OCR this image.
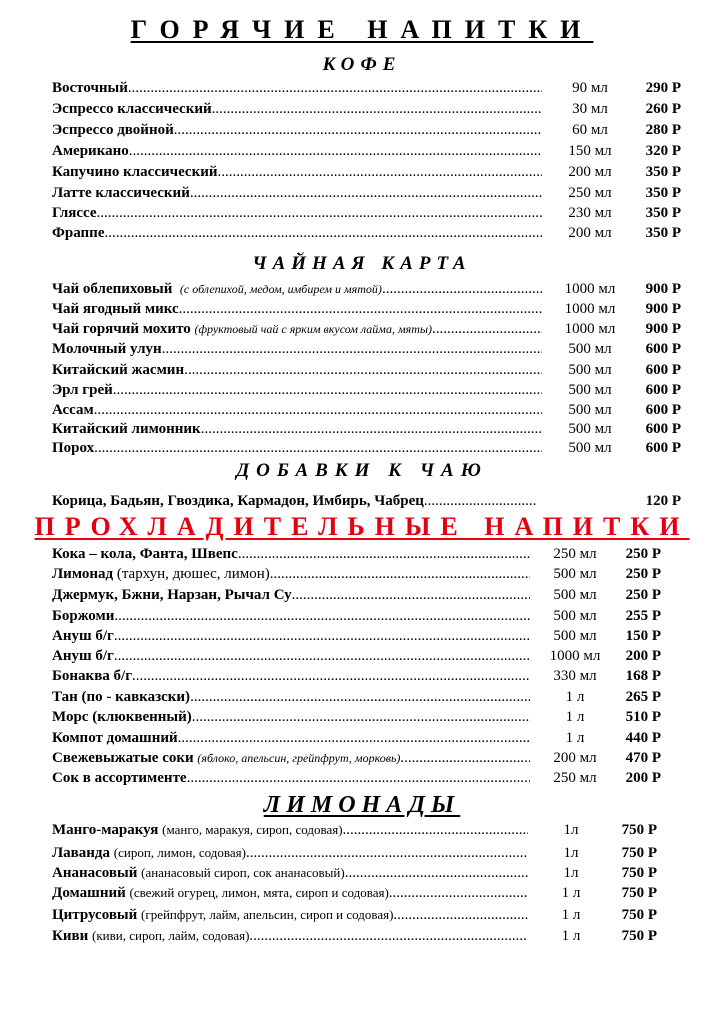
ГОРЯЧИЕ НАПИТКИ
КОФЕ
Восточный .....	90 мл	290 Р
Эспрессо классический .....	30 мл	260 Р
Эспрессо двойной .....	60 мл	280 Р
Американо .....	150 мл	320 Р
Капучино классический .....	200 мл	350 Р
Латте классический .....	250 мл	350 Р
Гляссе .....	230 мл	350 Р
Фраппе .....	200 мл	350 Р
ЧАЙНАЯ КАРТА
Чай облепиховый
(с облепихой, медом, имбирем и мятой) .....	1000 мл	900 Р
Чай ягодный микс .....	1000 мл	900 Р
Чай горячий мохито
(фруктовый чай с ярким вкусом лайма, мяты) .....	1000 мл	900 Р
Молочный улун .....	500 мл	600 Р
Китайский жасмин .....	500 мл	600 Р
Эрл грей .....	500 мл	600 Р
Ассам .....	500 мл	600 Р
Китайский лимонник .....	500 мл	600 Р
Порох .....	500 мл	600 Р
ДОБАВКИ К ЧАЮ
Корица, Бадьян, Гвоздика, Кармадон, Имбирь, Чабрец .....	120 Р
ПРОХЛАДИТЕЛЬНЫЕ НАПИТКИ
Кока – кола, Фанта, Швепс .....	250 мл	250 Р
Лимонад
(тархун, дюшес, лимон) .....	500 мл	250 Р
Джермук, Бжни, Нарзан, Рычал Су .....	500 мл	250 Р
Боржоми .....	500 мл	255 Р
Ануш б/г .....	500 мл	150 Р
Ануш б/г .....	1000 мл	200 Р
Бонаква б/г .....	330 мл	168 Р
Тан (по - кавказски) .....	1 л	265 Р
Морс (клюквенный) .....	1 л	510 Р
Компот домашний .....	1 л	440 Р
Свежевыжатые соки
(яблоко, апельсин, грейпфрут, морковь) .....	200 мл	470 Р
Сок в ассортименте .....	250 мл	200 Р
ЛИМОНАДЫ
Манго-маракуя
(манго, маракуя, сироп, содовая) .....	1л	750 Р
Лаванда
(сироп, лимон, содовая) .....	1л	750 Р
Ананасовый
(ананасовый сироп, сок ананасовый) .....	1л	750 Р
Домашний
(свежий огурец, лимон, мята, сироп и содовая) .....	1 л	750 Р
Цитрусовый
(грейпфрут, лайм, апельсин, сироп и содовая) .....	1 л	750 Р
Киви
(киви, сироп, лайм, содовая) .....	1 л	750 Р
